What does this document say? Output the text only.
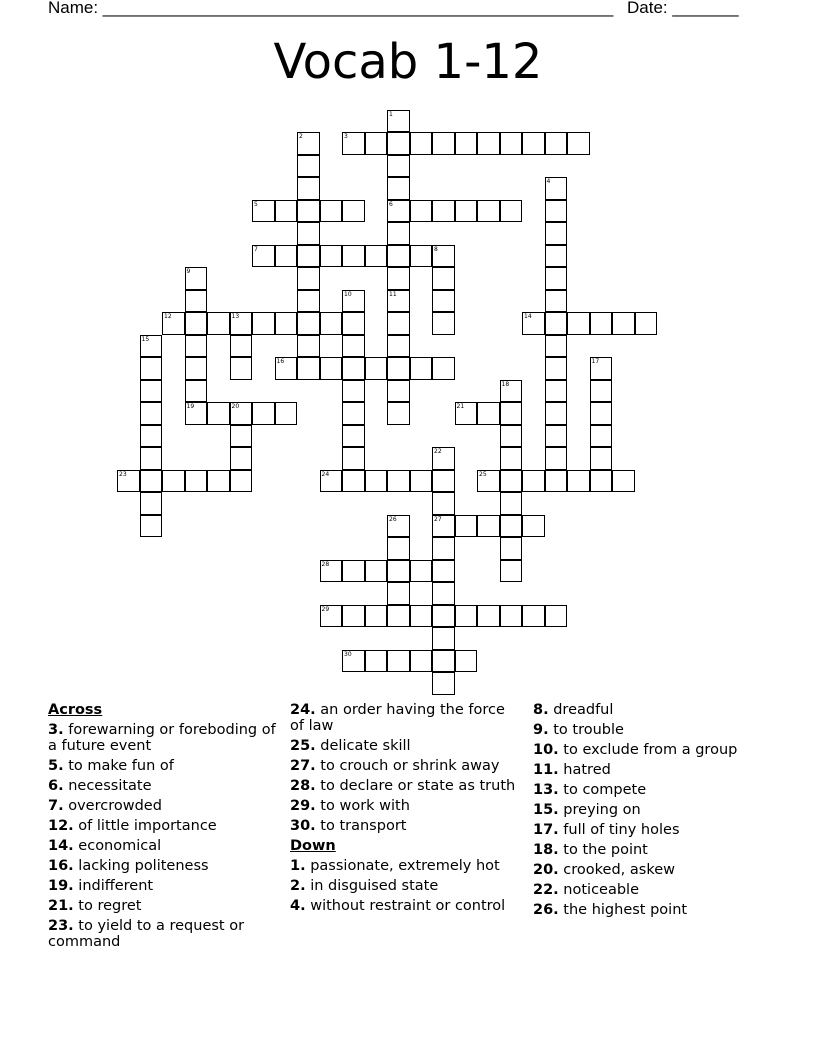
Name: ______________________________________________________ Date: _______
Vocab 1-12
1
6
11
2	3
4
5
7	8
9
19
10
12	13	14
15
16	17
18
20	21
22
27
23	24	25
26
28
29
30
Across
3. forewarning or foreboding of a future event
5. to make fun of
6. necessitate
7. overcrowded
12. of little importance
14. economical
16. lacking politeness
19. indifferent
21. to regret
23. to yield to a request or command
24. an order having the force of law
25. delicate skill
27. to crouch or shrink away
28. to declare or state as truth
29. to work with
30. to transport
Down
1. passionate, extremely hot
2. in disguised state
4. without restraint or control
8. dreadful
9. to trouble
10. to exclude from a group
11. hatred
13. to compete
15. preying on
17. full of tiny holes
18. to the point
20. crooked, askew
22. noticeable
26. the highest point
